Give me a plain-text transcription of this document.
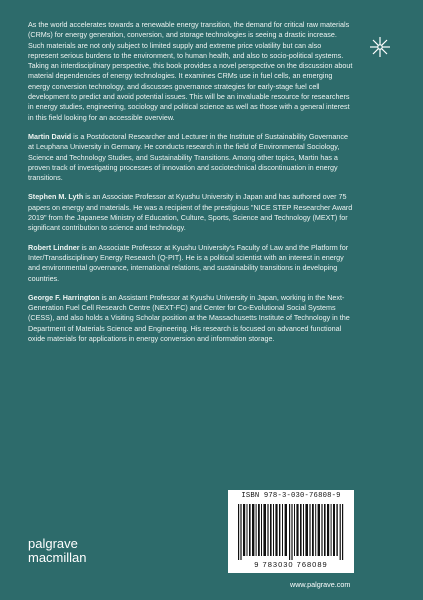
As the world accelerates towards a renewable energy transition, the demand for critical raw materials (CRMs) for energy generation, conversion, and storage technologies is seeing a drastic increase. Such materials are not only subject to limited supply and extreme price volatility but can also represent serious burdens to the environment, to human health, and also to socio-political systems. Taking an interdisciplinary perspective, this book provides a novel perspective on the discussion about material dependencies of energy technologies. It examines CRMs use in fuel cells, an emerging energy conversion technology, and discusses governance strategies for early-stage fuel cell development to predict and avoid potential issues. This will be an invaluable resource for researchers in energy studies, engineering, sociology and political science as well as those with a general interest in this field looking for an accessible overview.

Martin David is a Postdoctoral Researcher and Lecturer in the Institute of Sustainability Governance at Leuphana University in Germany. He conducts research in the field of Environmental Sociology, Science and Technology Studies, and Sustainability Transitions. Among other topics, Martin has a proven track of investigating processes of innovation and sociotechnical discontinuation in energy transitions.

Stephen M. Lyth is an Associate Professor at Kyushu University in Japan and has authored over 75 papers on energy and materials. He was a recipient of the prestigious "NICE STEP Researcher Award 2019" from the Japanese Ministry of Education, Culture, Sports, Science and Technology (MEXT) for significant contribution to science and technology.

Robert Lindner is an Associate Professor at Kyushu University's Faculty of Law and the Platform for Inter/Transdisciplinary Energy Research (Q-PIT). He is a political scientist with an interest in energy and environmental governance, international relations, and sustainability transitions in developing countries.

George F. Harrington is an Assistant Professor at Kyushu University in Japan, working in the Next-Generation Fuel Cell Research Centre (NEXT-FC) and Center for Co-Evolutional Social Systems (CESS), and also holds a Visiting Scholar position at the Massachusetts Institute of Technology in the Department of Materials Science and Engineering. His research is focused on advanced functional oxide materials for applications in energy conversion and information storage.

ISBN 978-3-030-76808-9
9 783030 768089
palgrave
macmillan
www.palgrave.com
